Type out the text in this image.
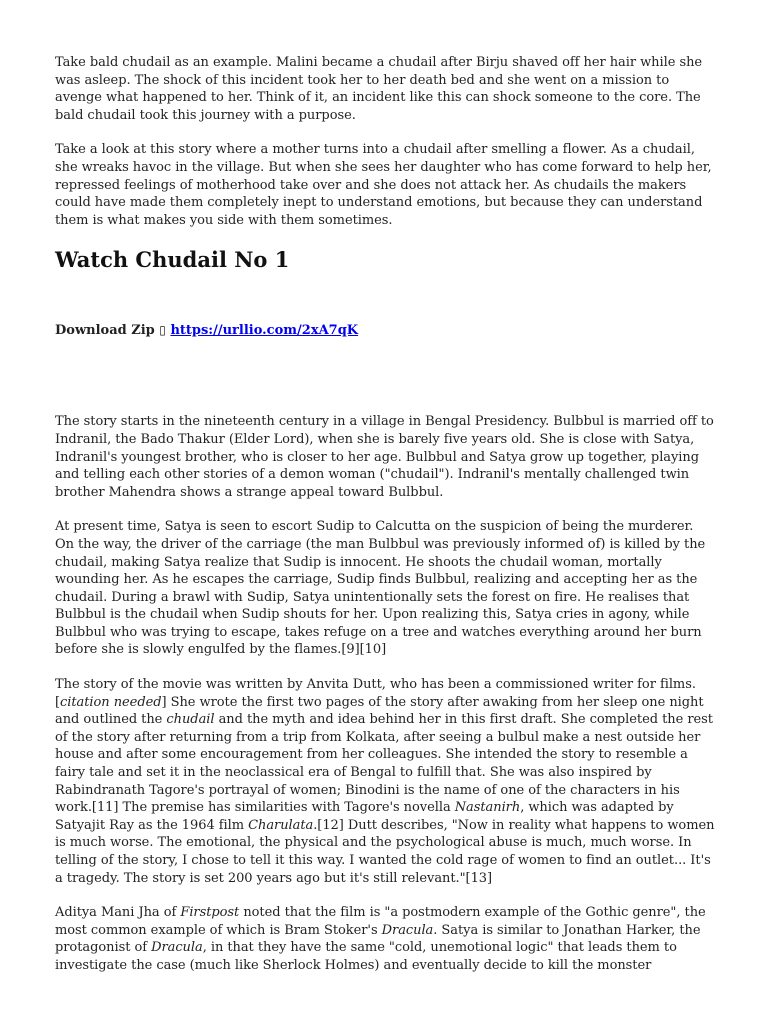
Take bald chudail as an example. Malini became a chudail after Birju shaved off her hair while she was asleep. The shock of this incident took her to her death bed and she went on a mission to avenge what happened to her. Think of it, an incident like this can shock someone to the core. The bald chudail took this journey with a purpose.

Take a look at this story where a mother turns into a chudail after smelling a flower. As a chudail, she wreaks havoc in the village. But when she sees her daughter who has come forward to help her, repressed feelings of motherhood take over and she does not attack her. As chudails the makers could have made them completely inept to understand emotions, but because they can understand them is what makes you side with them sometimes.

Watch Chudail No 1
Download Zip ▯ https://urllio.com/2xA7qK

The story starts in the nineteenth century in a village in Bengal Presidency. Bulbbul is married off to Indranil, the Bado Thakur (Elder Lord), when she is barely five years old. She is close with Satya, Indranil's youngest brother, who is closer to her age. Bulbbul and Satya grow up together, playing and telling each other stories of a demon woman ("chudail"). Indranil's mentally challenged twin brother Mahendra shows a strange appeal toward Bulbbul.

At present time, Satya is seen to escort Sudip to Calcutta on the suspicion of being the murderer. On the way, the driver of the carriage (the man Bulbbul was previously informed of) is killed by the chudail, making Satya realize that Sudip is innocent. He shoots the chudail woman, mortally wounding her. As he escapes the carriage, Sudip finds Bulbbul, realizing and accepting her as the chudail. During a brawl with Sudip, Satya unintentionally sets the forest on fire. He realises that Bulbbul is the chudail when Sudip shouts for her. Upon realizing this, Satya cries in agony, while Bulbbul who was trying to escape, takes refuge on a tree and watches everything around her burn before she is slowly engulfed by the flames.[9][10]

The story of the movie was written by Anvita Dutt, who has been a commissioned writer for films.[citation needed] She wrote the first two pages of the story after awaking from her sleep one night and outlined the chudail and the myth and idea behind her in this first draft. She completed the rest of the story after returning from a trip from Kolkata, after seeing a bulbul make a nest outside her house and after some encouragement from her colleagues. She intended the story to resemble a fairy tale and set it in the neoclassical era of Bengal to fulfill that. She was also inspired by Rabindranath Tagore's portrayal of women; Binodini is the name of one of the characters in his work.[11] The premise has similarities with Tagore's novella Nastanirh, which was adapted by Satyajit Ray as the 1964 film Charulata.[12] Dutt describes, "Now in reality what happens to women is much worse. The emotional, the physical and the psychological abuse is much, much worse. In telling of the story, I chose to tell it this way. I wanted the cold rage of women to find an outlet... It's a tragedy. The story is set 200 years ago but it's still relevant."[13]

Aditya Mani Jha of Firstpost noted that the film is "a postmodern example of the Gothic genre", the most common example of which is Bram Stoker's Dracula. Satya is similar to Jonathan Harker, the protagonist of Dracula, in that they have the same "cold, unemotional logic" that leads them to investigate the case (much like Sherlock Holmes) and eventually decide to kill the monster
